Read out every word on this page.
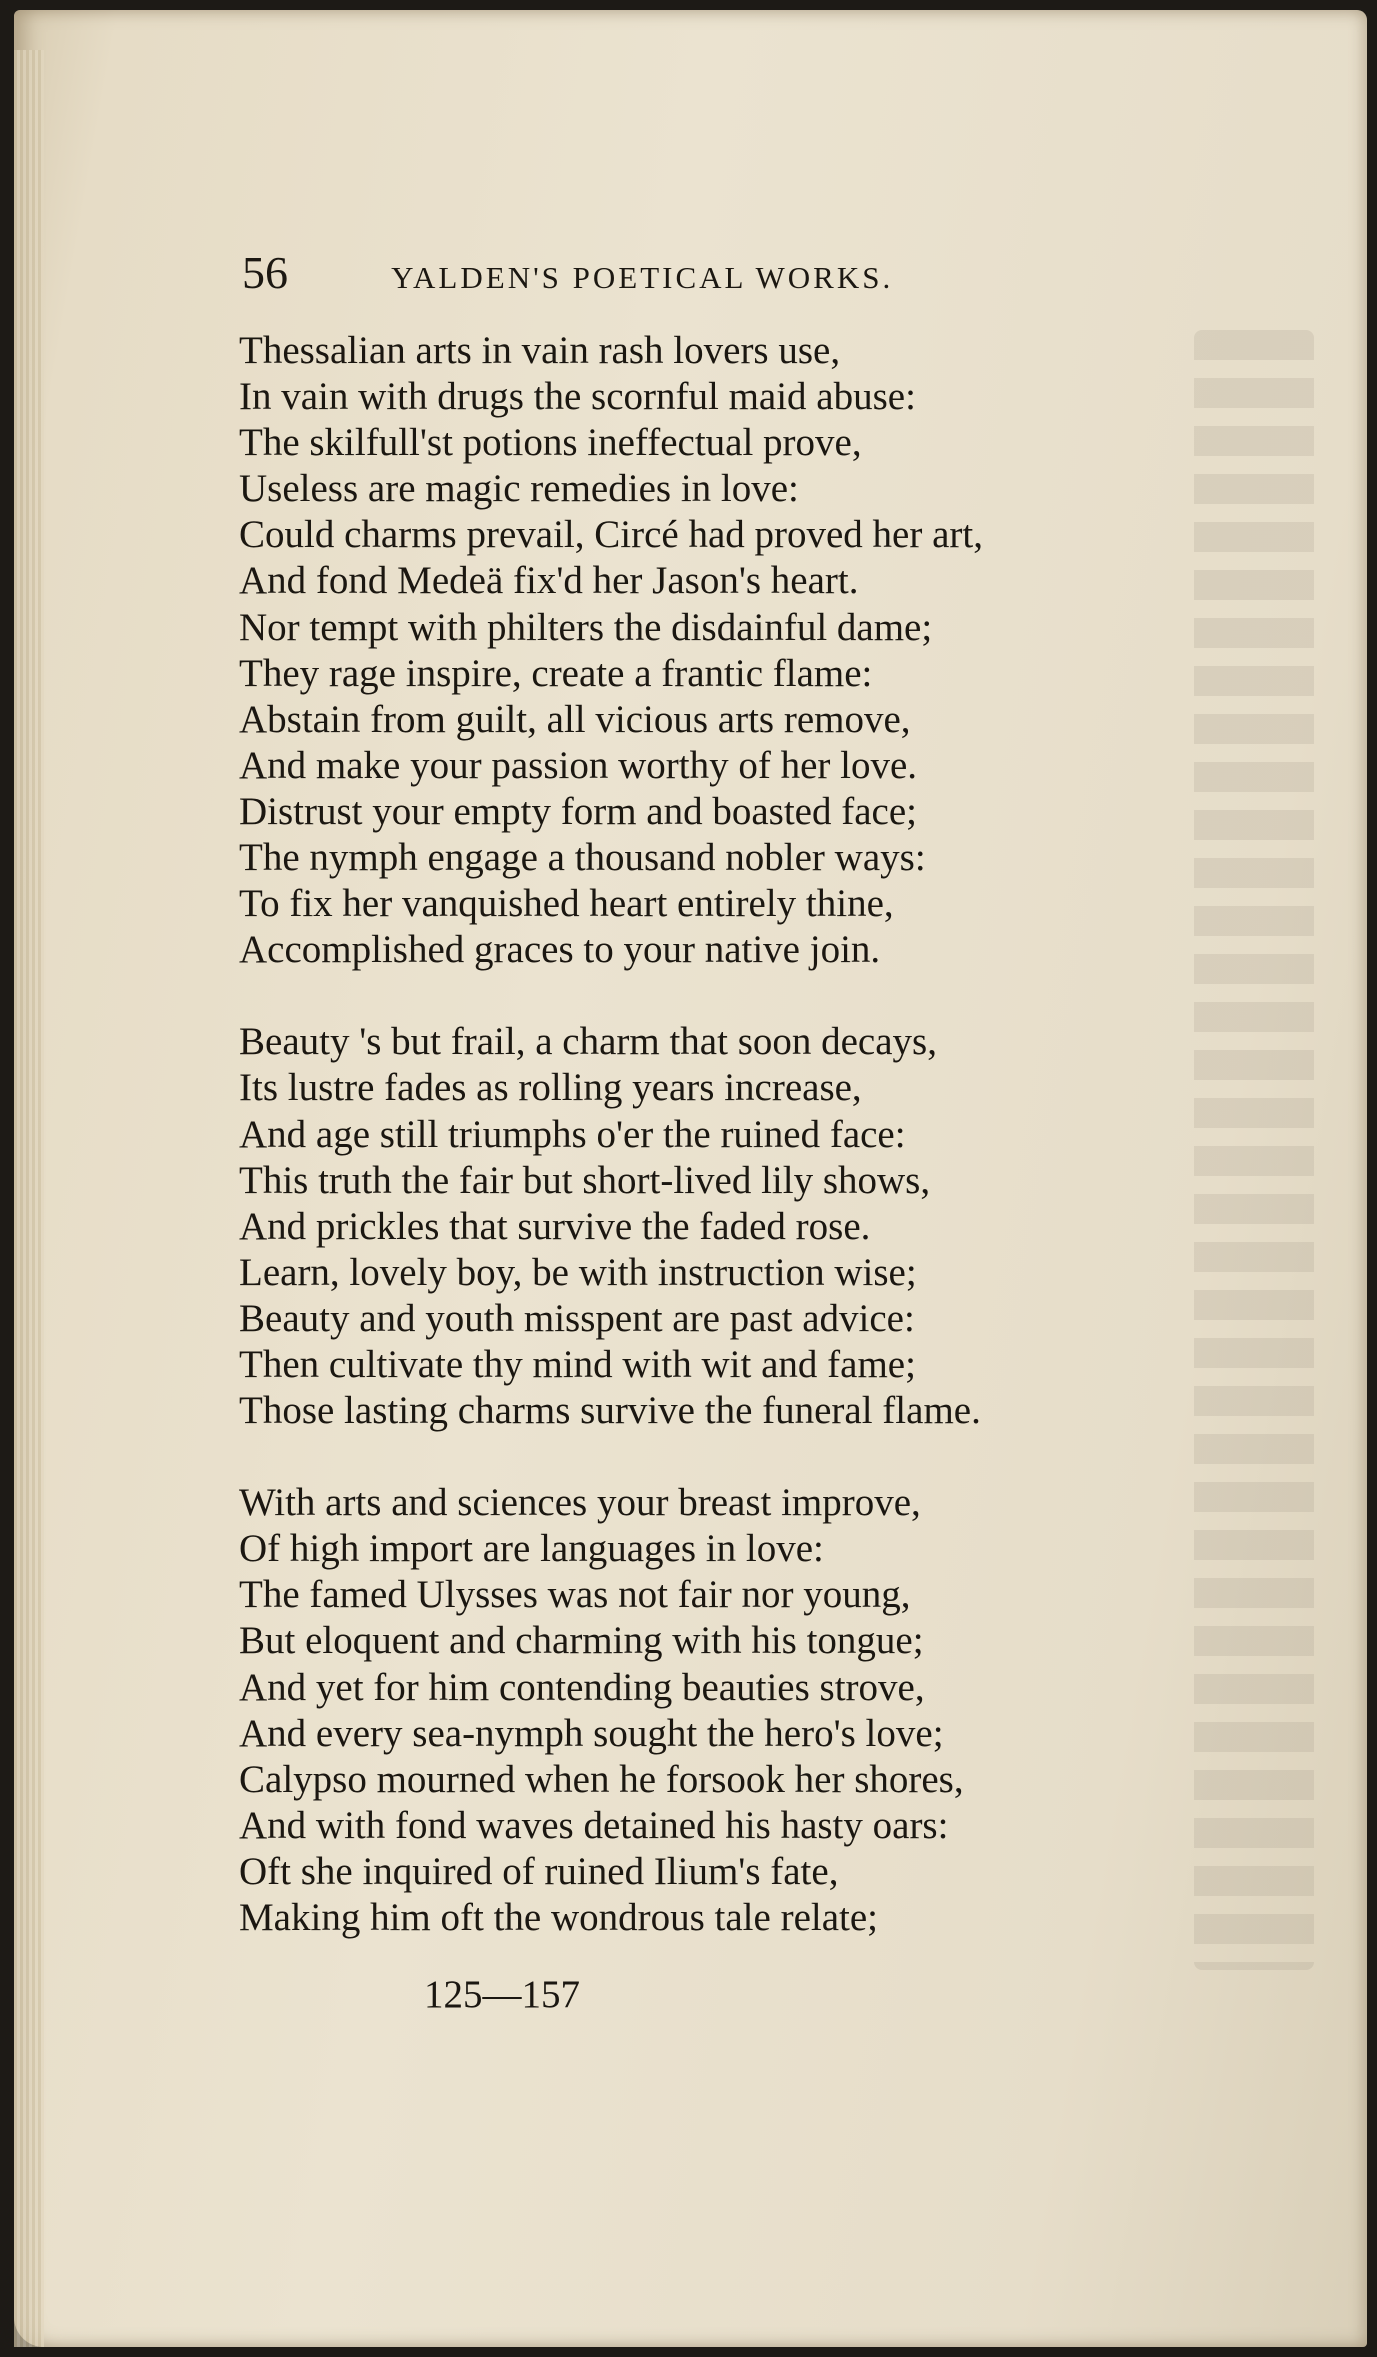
56	YALDEN'S POETICAL WORKS.
Thessalian arts in vain rash lovers use,
In vain with drugs the scornful maid abuse:
The skilfull'st potions ineffectual prove,
Useless are magic remedies in love:
Could charms prevail, Circé had proved her art,
And fond Medeä fix'd her Jason's heart.
Nor tempt with philters the disdainful dame;
They rage inspire, create a frantic flame:
Abstain from guilt, all vicious arts remove,
And make your passion worthy of her love.
Distrust your empty form and boasted face;
The nymph engage a thousand nobler ways:
To fix her vanquished heart entirely thine,
Accomplished graces to your native join.
Beauty 's but frail, a charm that soon decays,
Its lustre fades as rolling years increase,
And age still triumphs o'er the ruined face:
This truth the fair but short-lived lily shows,
And prickles that survive the faded rose.
Learn, lovely boy, be with instruction wise;
Beauty and youth misspent are past advice:
Then cultivate thy mind with wit and fame;
Those lasting charms survive the funeral flame.
With arts and sciences your breast improve,
Of high import are languages in love:
The famed Ulysses was not fair nor young,
But eloquent and charming with his tongue;
And yet for him contending beauties strove,
And every sea-nymph sought the hero's love;
Calypso mourned when he forsook her shores,
And with fond waves detained his hasty oars:
Oft she inquired of ruined Ilium's fate,
Making him oft the wondrous tale relate;
125—157
